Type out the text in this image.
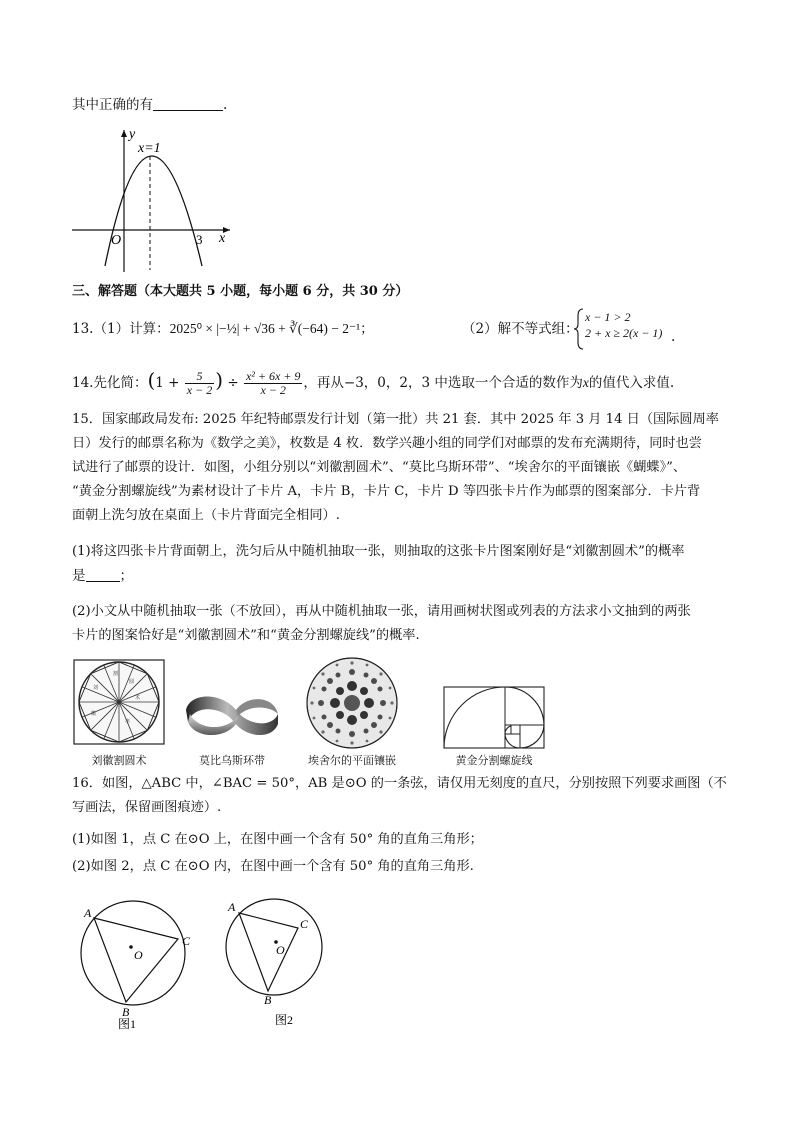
其中正确的有	.
y
x
x=1
O	3
三、解答题（本大题共 5 小题，每小题 6 分，共 30 分）
13.（1）计算：2025⁰ × |−½| + √36 + ∛(−64) − 2⁻¹；	（2）解不等式组：
x − 1 > 2
2 + x ≥ 2(x − 1) .
14.先化简：($1 + \frac{5}{x - 2}$ ) ÷ $\frac{\text{x² + 6x + 9}}{x - 2}$ ，再从−3，0，2，3 中选取一个合适的数作为x的值代入求值.
15．国家邮政局发布: 2025 年纪特邮票发行计划（第一批）共 21 套．其中 2025 年 3 月 14 日（国际圆周率
日）发行的邮票名称为《数学之美》，枚数是 4 枚．数学兴趣小组的同学们对邮票的发布充满期待，同时也尝
试进行了邮票的设计．如图，小组分别以“刘徽割圆术”、“莫比乌斯环带”、“埃舍尔的平面镶嵌《蝴蝶》”、
“黄金分割螺旋线”为素材设计了卡片 A，卡片 B，卡片 C，卡片 D 等四张卡片作为邮票的图案部分．卡片背
面朝上洗匀放在桌面上（卡片背面完全相同）.
(1)将这四张卡片背面朝上，洗匀后从中随机抽取一张，则抽取的这张卡片图案刚好是“刘徽割圆术”的概率
是	；
(2)小文从中随机抽取一张（不放回），再从中随机抽取一张，请用画树状图或列表的方法求小文抽到的两张
卡片的图案恰好是“刘徽割圆术”和“黄金分割螺旋线”的概率.
割
圆
术
刘
徽
率
刘徽割圆术	莫比乌斯环带	埃舍尔的平面镶嵌	黄金分割螺旋线
16．如图，△ABC 中，∠BAC = 50°，AB 是⊙O 的一条弦，请仅用无刻度的直尺，分别按照下列要求画图（不
写画法，保留画图痕迹）.
(1)如图 1，点 C 在⊙O 上，在图中画一个含有 50° 角的直角三角形；
(2)如图 2，点 C 在⊙O 内，在图中画一个含有 50° 角的直角三角形.
A
C
B
O
图1
A
C
B
O
图2
